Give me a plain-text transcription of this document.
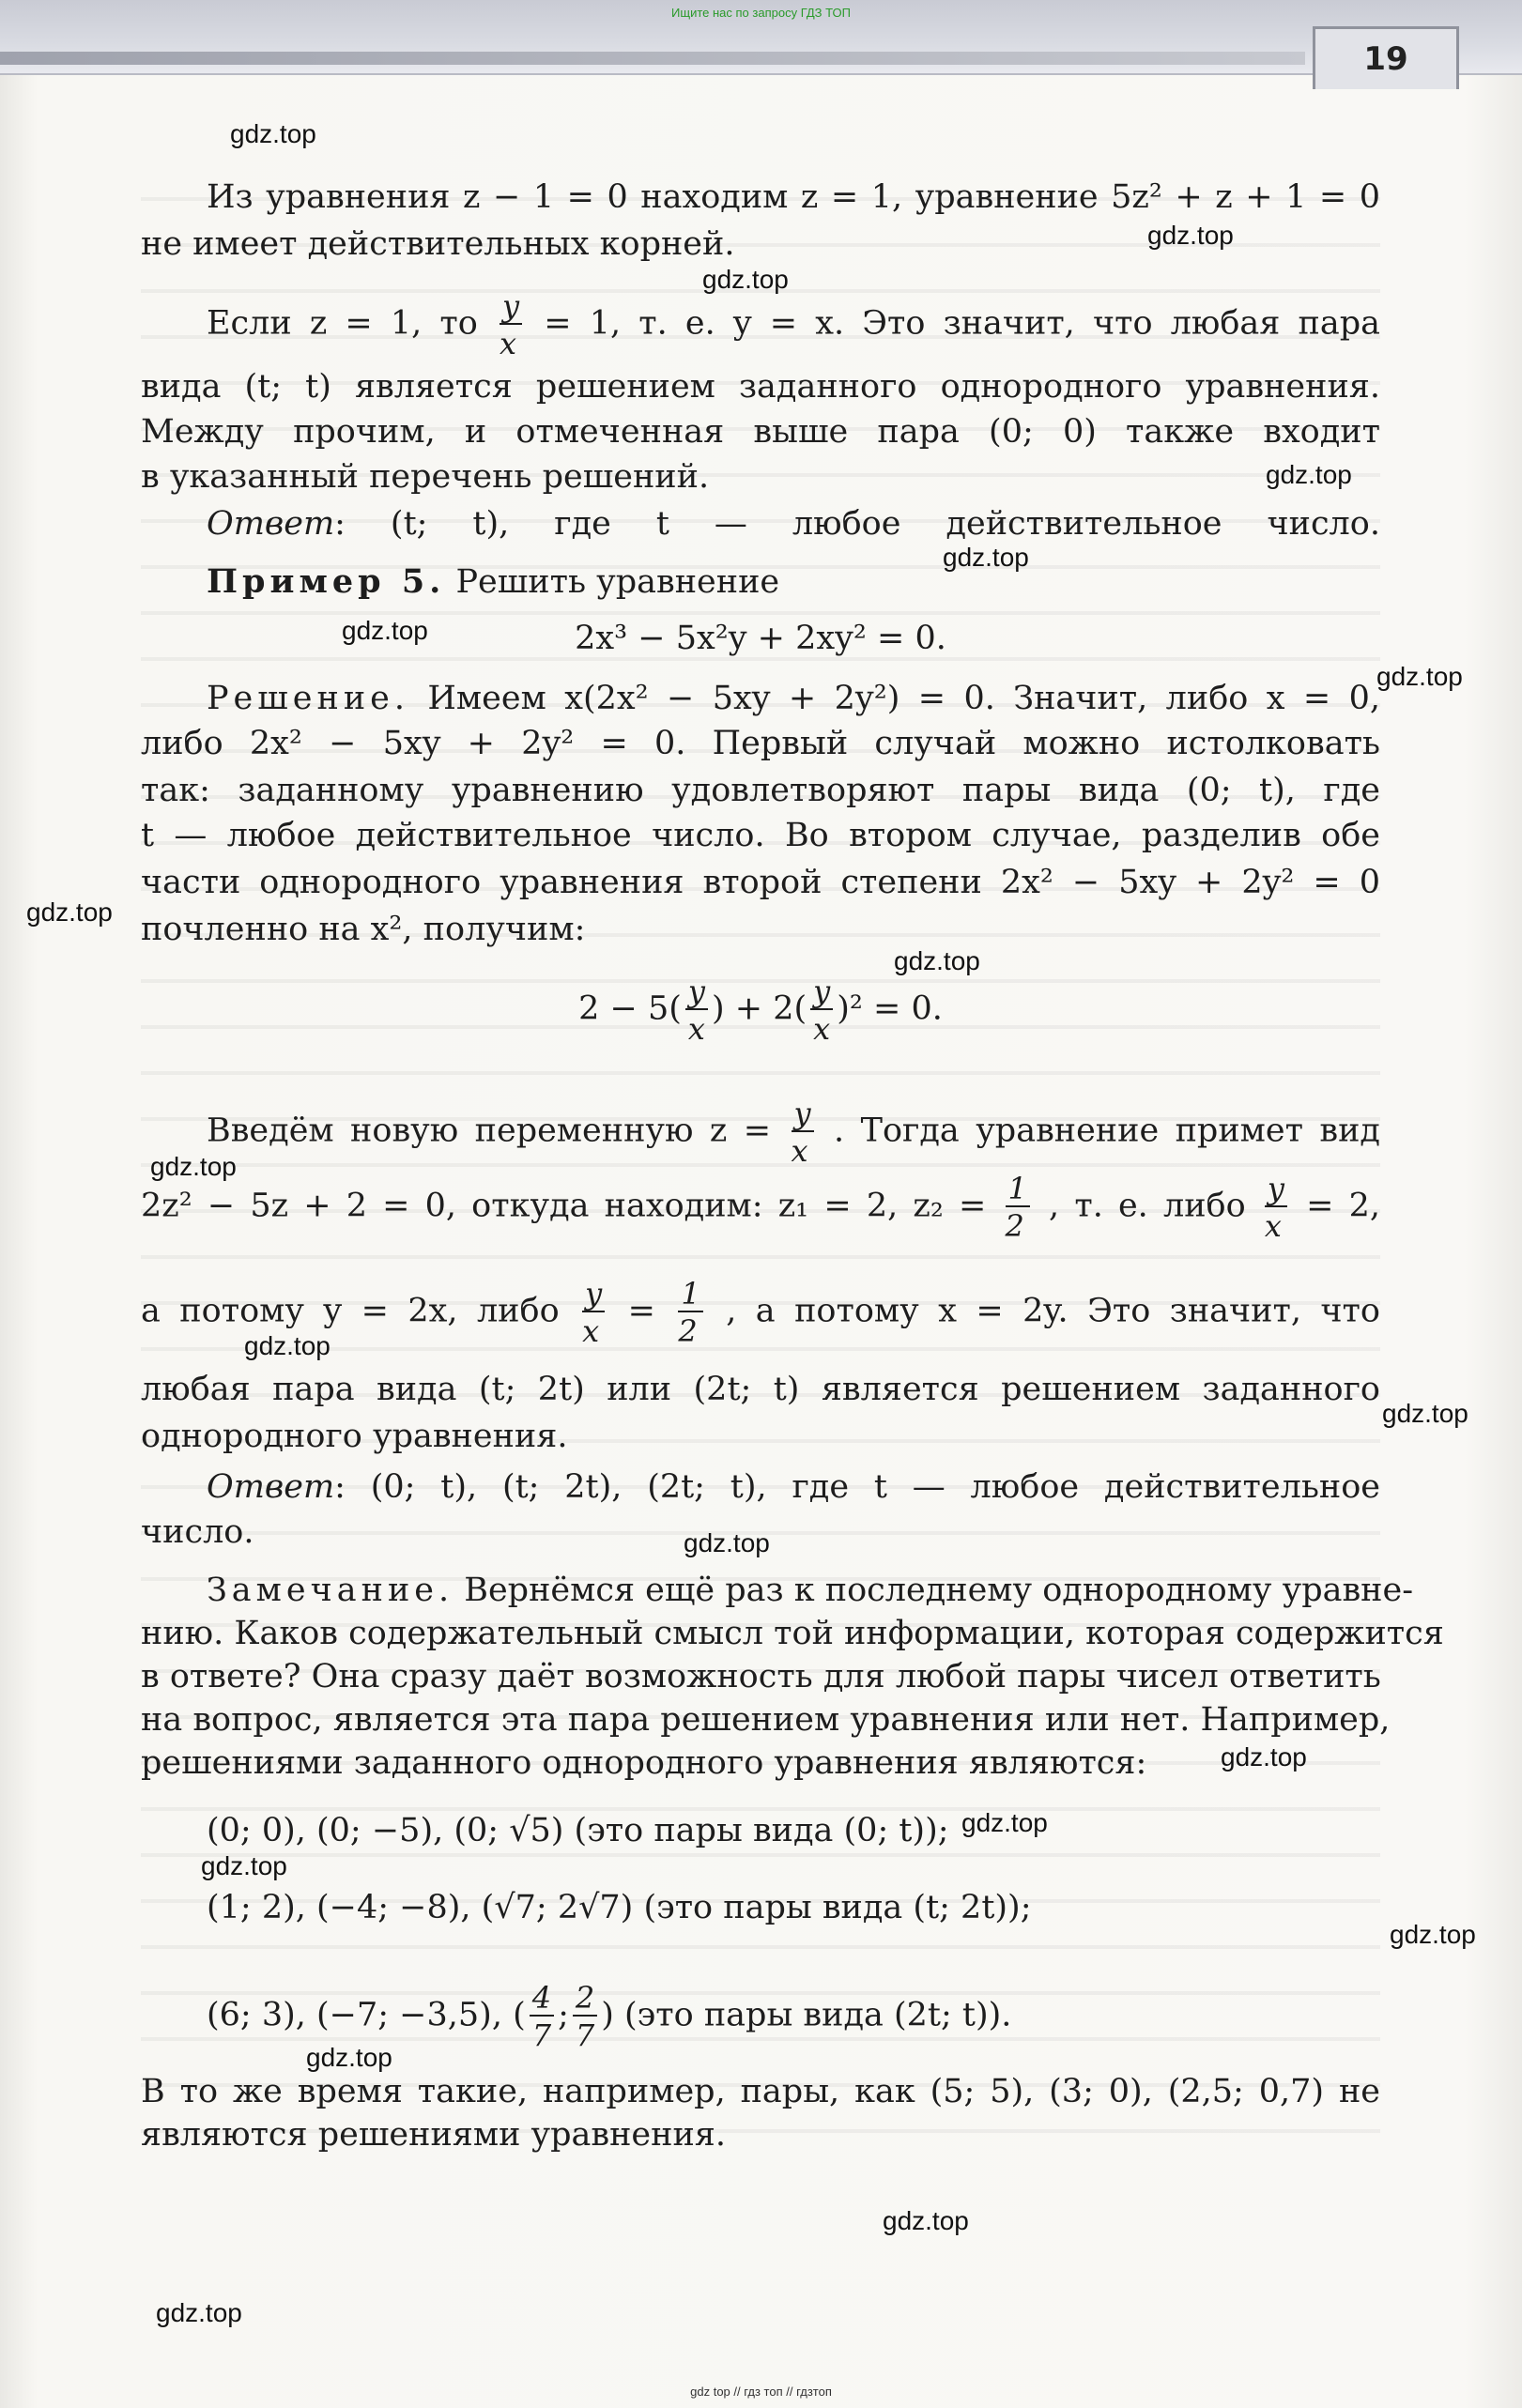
Ищите нас по запросу ГДЗ ТОП
19
Из уравнения z − 1 = 0 находим z = 1, уравнение 5z² + z + 1 = 0
не имеет действительных корней.
Если z = 1, то $\frac{y}{x} = 1$, т. е. y = x. Это значит, что любая пара
вида (t; t) является решением заданного однородного уравнения.
Между прочим, и отмеченная выше пара (0; 0) также входит
в указанный перечень решений.
Ответ: (t; t), где t — любое действительное число.
Пример 5. Решить уравнение
2x³ − 5x²y + 2xy² = 0.
Решение. Имеем x(2x² − 5xy + 2y²) = 0. Значит, либо x = 0,
либо 2x² − 5xy + 2y² = 0. Первый случай можно истолковать
так: заданному уравнению удовлетворяют пары вида (0; t), где
t — любое действительное число. Во втором случае, разделив обе
части однородного уравнения второй степени 2x² − 5xy + 2y² = 0
почленно на x², получим:
$2 - 5( \frac{y}{x}$ ) + $2( \frac{y}{x} )^2 = 0$.
Введём новую переменную $z = \frac{y}{x}$ . Тогда уравнение примет вид
2z² − 5z + 2 = 0, откуда находим: z₁ = 2, $z_2 = \frac{1}{2}$ , т. е. либо $\frac{y}{x} = 2$,
а потому y = 2x, либо $\frac{y}{x} = \frac{1}{2}$ , а потому x = 2y. Это значит, что
любая пара вида (t; 2t) или (2t; t) является решением заданного
однородного уравнения.
Ответ: (0; t), (t; 2t), (2t; t), где t — любое действительное
число.
Замечание. Вернёмся ещё раз к последнему однородному уравне-
нию. Каков содержательный смысл той информации, которая содержится
в ответе? Она сразу даёт возможность для любой пары чисел ответить
на вопрос, является эта пара решением уравнения или нет. Например,
решениями заданного однородного уравнения являются:
(0; 0), (0; −5), (0; √5) (это пары вида (0; t));
(1; 2), (−4; −8), (√7; 2√7) (это пары вида (t; 2t));
(6; 3), (−7; −3,5), ( $\frac{4}{7}$ ; $\frac{2}{7}$ ) (это пары вида (2t; t)).
В то же время такие, например, пары, как (5; 5), (3; 0), (2,5; 0,7) не
являются решениями уравнения.
gdz.top
gdz.top
gdz.top
gdz.top
gdz.top
gdz.top
gdz.top
gdz.top
gdz.top
gdz.top
gdz.top
gdz.top
gdz.top
gdz.top
gdz.top
gdz.top
gdz.top
gdz.top
gdz.top
gdz.top
gdz top // гдз топ // гдзтоп
